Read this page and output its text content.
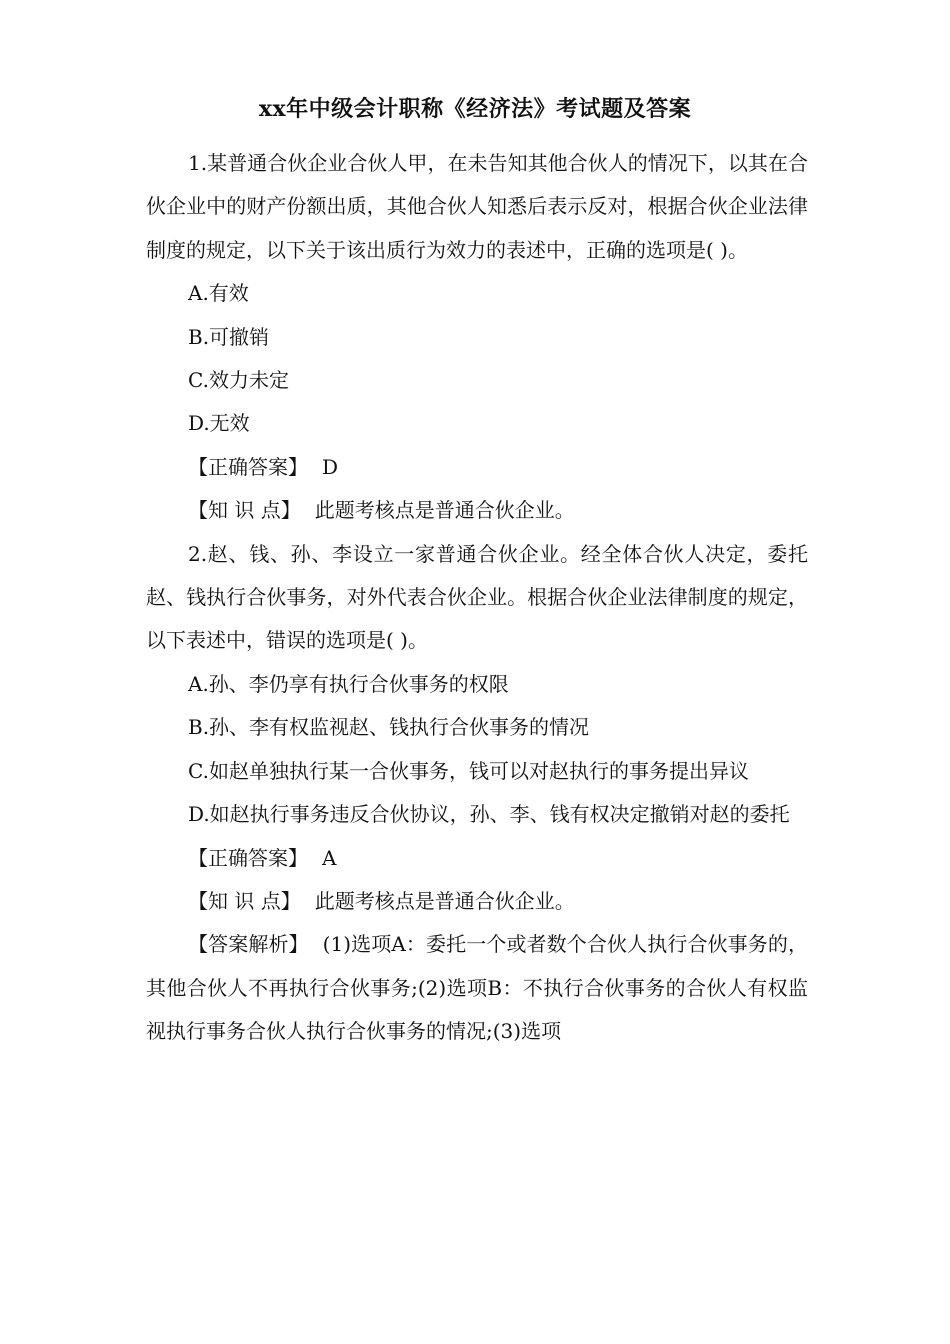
xx年中级会计职称《经济法》考试题及答案

1.某普通合伙企业合伙人甲，在未告知其他合伙人的情况下，以其在合伙企业中的财产份额出质，其他合伙人知悉后表示反对，根据合伙企业法律制度的规定，以下关于该出质行为效力的表述中，正确的选项是( )。

A.有效

B.可撤销

C.效力未定

D.无效

【正确答案】 D

【知 识 点】 此题考核点是普通合伙企业。

2.赵、钱、孙、李设立一家普通合伙企业。经全体合伙人决定，委托赵、钱执行合伙事务，对外代表合伙企业。根据合伙企业法律制度的规定，以下表述中，错误的选项是( )。

A.孙、李仍享有执行合伙事务的权限

B.孙、李有权监视赵、钱执行合伙事务的情况

C.如赵单独执行某一合伙事务，钱可以对赵执行的事务提出异议

D.如赵执行事务违反合伙协议，孙、李、钱有权决定撤销对赵的委托

【正确答案】 A

【知 识 点】 此题考核点是普通合伙企业。

【答案解析】 (1)选项A：委托一个或者数个合伙人执行合伙事务的，其他合伙人不再执行合伙事务;(2)选项B：不执行合伙事务的合伙人有权监视执行事务合伙人执行合伙事务的情况;(3)选项
